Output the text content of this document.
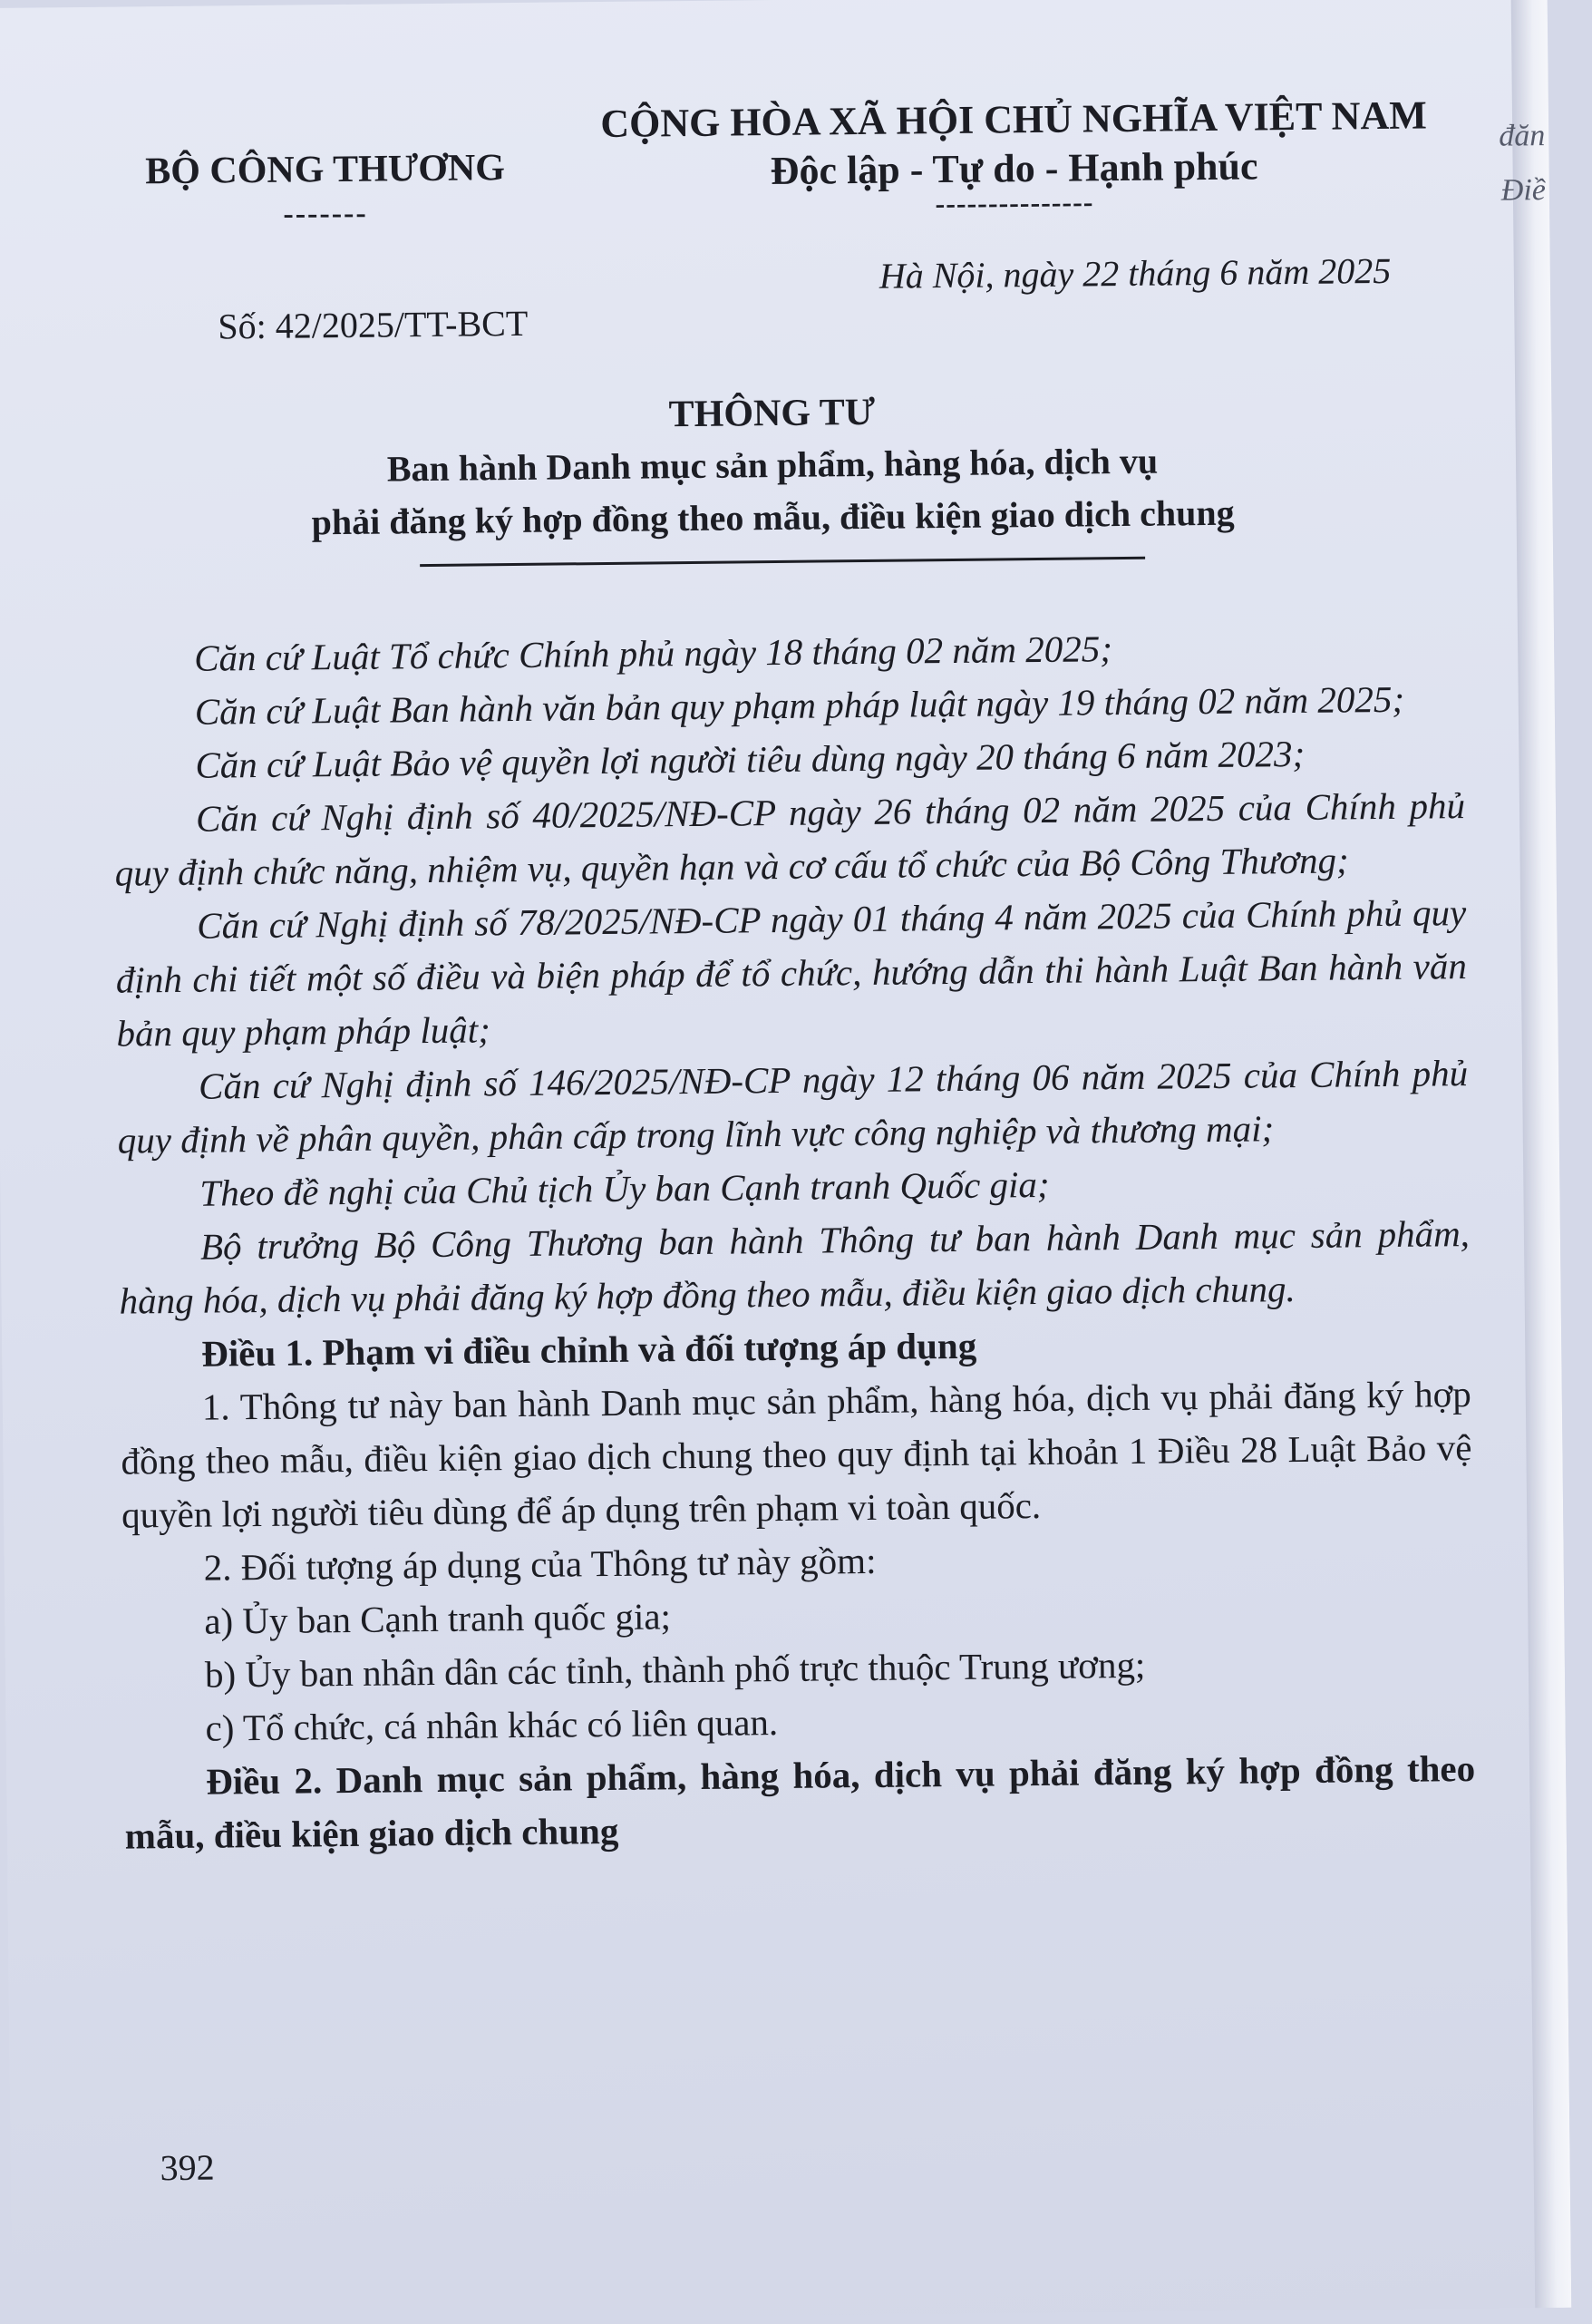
BỘ CÔNG THƯƠNG
-------
CỘNG HÒA XÃ HỘI CHỦ NGHĨA VIỆT NAM
Độc lập - Tự do - Hạnh phúc
---------------
Số: 42/2025/TT-BCT
Hà Nội, ngày 22 tháng 6 năm 2025
THÔNG TƯ
Ban hành Danh mục sản phẩm, hàng hóa, dịch vụ
phải đăng ký hợp đồng theo mẫu, điều kiện giao dịch chung

Căn cứ Luật Tổ chức Chính phủ ngày 18 tháng 02 năm 2025;

Căn cứ Luật Ban hành văn bản quy phạm pháp luật ngày 19 tháng 02 năm 2025;

Căn cứ Luật Bảo vệ quyền lợi người tiêu dùng ngày 20 tháng 6 năm 2023;

Căn cứ Nghị định số 40/2025/NĐ-CP ngày 26 tháng 02 năm 2025 của Chính phủ quy định chức năng, nhiệm vụ, quyền hạn và cơ cấu tổ chức của Bộ Công Thương;

Căn cứ Nghị định số 78/2025/NĐ-CP ngày 01 tháng 4 năm 2025 của Chính phủ quy định chi tiết một số điều và biện pháp để tổ chức, hướng dẫn thi hành Luật Ban hành văn bản quy phạm pháp luật;

Căn cứ Nghị định số 146/2025/NĐ-CP ngày 12 tháng 06 năm 2025 của Chính phủ quy định về phân quyền, phân cấp trong lĩnh vực công nghiệp và thương mại;

Theo đề nghị của Chủ tịch Ủy ban Cạnh tranh Quốc gia;

Bộ trưởng Bộ Công Thương ban hành Thông tư ban hành Danh mục sản phẩm, hàng hóa, dịch vụ phải đăng ký hợp đồng theo mẫu, điều kiện giao dịch chung.

Điều 1. Phạm vi điều chỉnh và đối tượng áp dụng

1. Thông tư này ban hành Danh mục sản phẩm, hàng hóa, dịch vụ phải đăng ký hợp đồng theo mẫu, điều kiện giao dịch chung theo quy định tại khoản 1 Điều 28 Luật Bảo vệ quyền lợi người tiêu dùng để áp dụng trên phạm vi toàn quốc.

2. Đối tượng áp dụng của Thông tư này gồm:

a) Ủy ban Cạnh tranh quốc gia;

b) Ủy ban nhân dân các tỉnh, thành phố trực thuộc Trung ương;

c) Tổ chức, cá nhân khác có liên quan.

Điều 2. Danh mục sản phẩm, hàng hóa, dịch vụ phải đăng ký hợp đồng theo mẫu, điều kiện giao dịch chung

392
đăn
Điề
